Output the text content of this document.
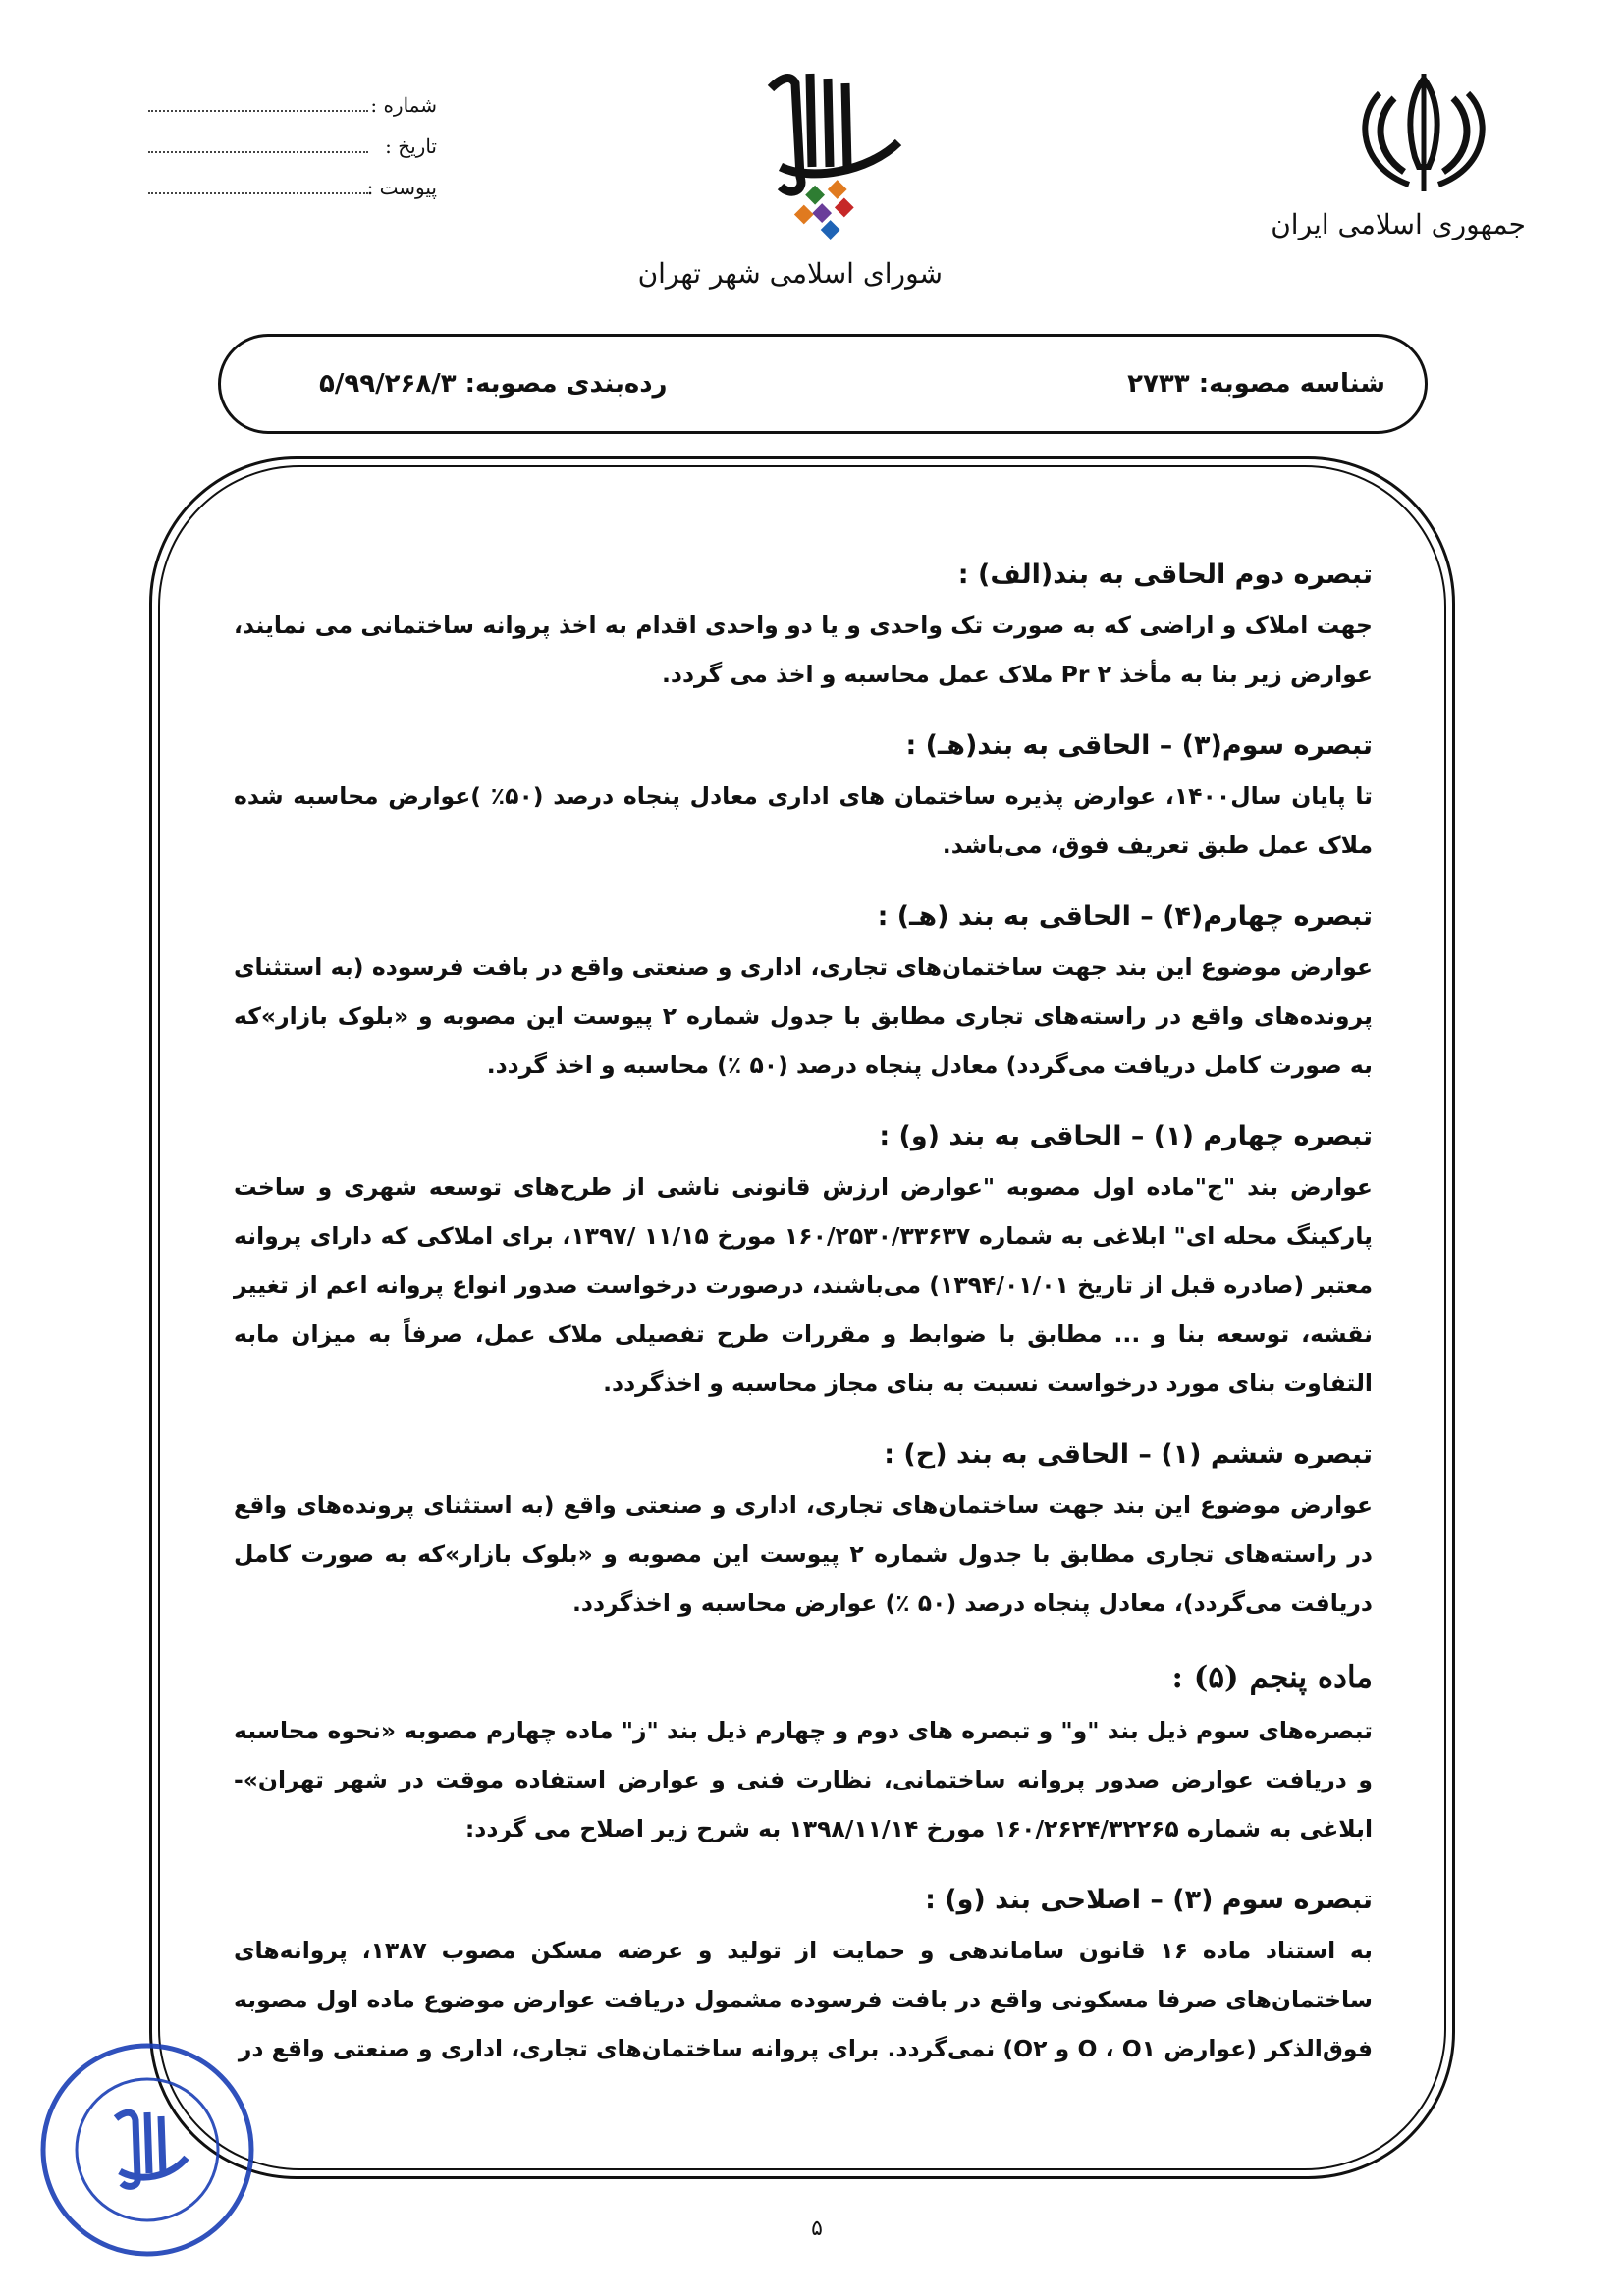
جمهوری اسلامی ایران
شورای اسلامی شهر تهران
شماره :
تاریخ :
پیوست :
شناسه مصوبه: ۲۷۳۳
رده‌بندی مصوبه: ۵/۹۹/۲۶۸/۳
تبصره دوم الحاقی به بند(الف) :

جهت املاک و اراضی که به صورت تک واحدی و یا دو واحدی اقدام به اخذ پروانه ساختمانی می نمایند، عوارض زیر بنا به مأخذ Pr ۲ ملاک عمل محاسبه و اخذ می گردد.

تبصره سوم(۳) – الحاقی به بند(هـ) :

تا پایان سال۱۴۰۰، عوارض پذیره ساختمان های اداری معادل پنجاه درصد (۵۰٪ )عوارض محاسبه شده ملاک عمل طبق تعریف فوق، می‌باشد.

تبصره چهارم(۴) – الحاقی به بند (هـ) :

عوارض موضوع این بند جهت ساختمان‌های تجاری، اداری و صنعتی واقع در بافت فرسوده (به استثنای پرونده‌های واقع در راسته‌های تجاری مطابق با جدول شماره ۲ پیوست این مصوبه و «بلوک بازار»که به صورت کامل دریافت می‌گردد) معادل پنجاه درصد (۵۰ ٪) محاسبه و اخذ گردد.

تبصره چهارم (۱) – الحاقی به بند (و) :

عوارض بند "ج"ماده اول مصوبه "عوارض ارزش قانونی ناشی از طرح‌های توسعه شهری و ساخت پارکینگ محله ای" ابلاغی به شماره ۱۶۰/۲۵۳۰/۳۳۶۳۷ مورخ ۱۱/۱۵ /۱۳۹۷، برای املاکی که دارای پروانه معتبر (صادره قبل از تاریخ ۱۳۹۴/۰۱/۰۱) می‌باشند، درصورت درخواست صدور انواع پروانه اعم از تغییر نقشه، توسعه بنا و ... مطابق با ضوابط و مقررات طرح تفصیلی ملاک عمل، صرفاً به میزان مابه التفاوت بنای مورد درخواست نسبت به بنای مجاز محاسبه و اخذگردد.

تبصره ششم (۱) – الحاقی به بند (ح) :

عوارض موضوع این بند جهت ساختمان‌های تجاری، اداری و صنعتی واقع (به استثنای پرونده‌های واقع در راسته‌های تجاری مطابق با جدول شماره ۲ پیوست این مصوبه و «بلوک بازار»که به صورت کامل دریافت می‌گردد)، معادل پنجاه درصد (۵۰ ٪) عوارض محاسبه و اخذگردد.

ماده پنجم (۵) :

تبصره‌های سوم ذیل بند "و" و تبصره های دوم و چهارم ذیل بند "ز" ماده چهارم مصوبه «نحوه محاسبه و دریافت عوارض صدور پروانه ساختمانی، نظارت فنی و عوارض استفاده موقت در شهر تهران»-ابلاغی به شماره ۱۶۰/۲۶۲۴/۳۲۲۶۵ مورخ ۱۳۹۸/۱۱/۱۴ به شرح زیر اصلاح می گردد:

تبصره سوم (۳) – اصلاحی بند (و) :

به استناد ماده ۱۶ قانون ساماندهی و حمایت از تولید و عرضه مسکن مصوب ۱۳۸۷، پروانه‌های ساختمان‌های صرفا مسکونی واقع در بافت فرسوده مشمول دریافت عوارض موضوع ماده اول مصوبه فوق‌الذکر (عوارض O ، O۱ و O۲) نمی‌گردد. برای پروانه ساختمان‌های تجاری، اداری و صنعتی واقع در

۵
